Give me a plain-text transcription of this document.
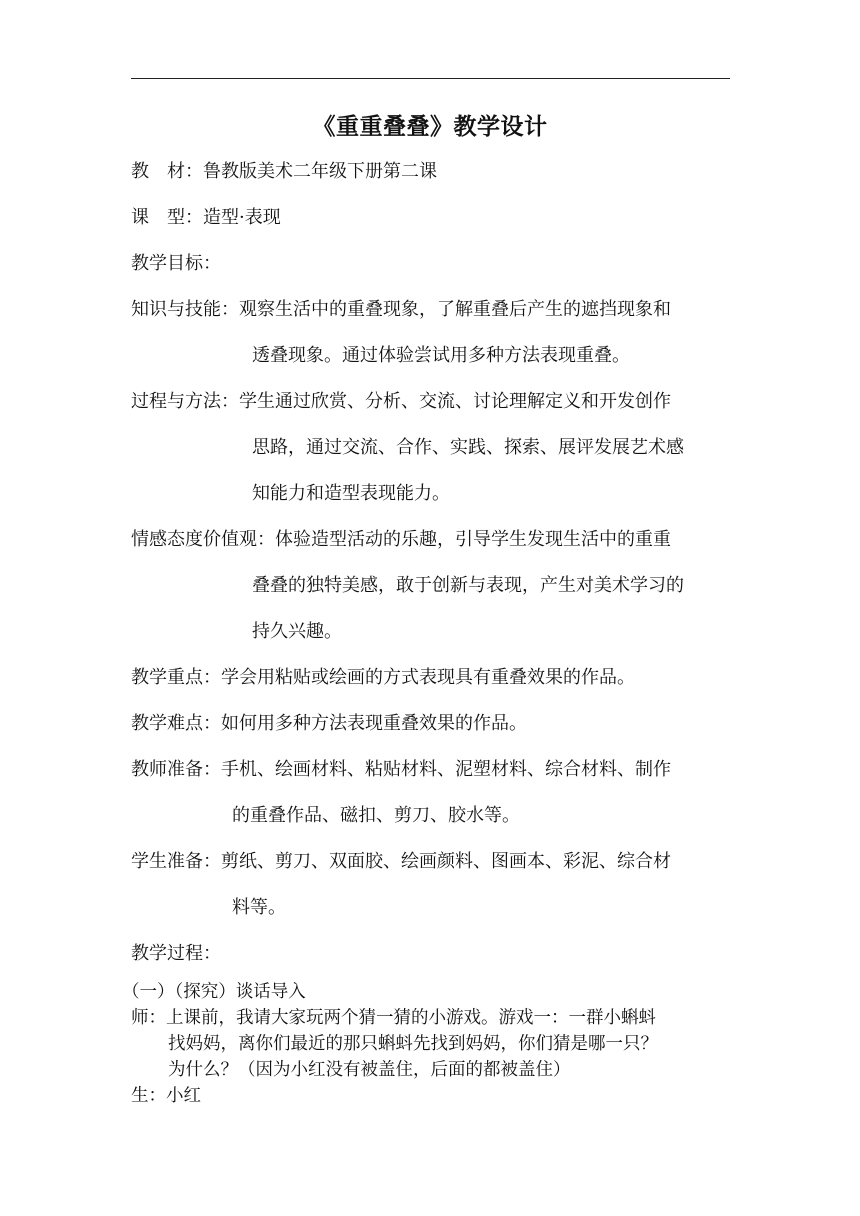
《重重叠叠》教学设计
教　材：鲁教版美术二年级下册第二课
课　型：造型·表现
教学目标：
知识与技能：观察生活中的重叠现象，了解重叠后产生的遮挡现象和
透叠现象。通过体验尝试用多种方法表现重叠。
过程与方法：学生通过欣赏、分析、交流、讨论理解定义和开发创作
思路，通过交流、合作、实践、探索、展评发展艺术感
知能力和造型表现能力。
情感态度价值观：体验造型活动的乐趣，引导学生发现生活中的重重
叠叠的独特美感，敢于创新与表现，产生对美术学习的
持久兴趣。
教学重点：学会用粘贴或绘画的方式表现具有重叠效果的作品。
教学难点：如何用多种方法表现重叠效果的作品。
教师准备：手机、绘画材料、粘贴材料、泥塑材料、综合材料、制作
的重叠作品、磁扣、剪刀、胶水等。
学生准备：剪纸、剪刀、双面胶、绘画颜料、图画本、彩泥、综合材
料等。
教学过程：
（一）（探究）谈话导入
师：上课前，我请大家玩两个猜一猜的小游戏。游戏一：一群小蝌蚪
找妈妈，离你们最近的那只蝌蚪先找到妈妈，你们猜是哪一只？
为什么？（因为小红没有被盖住，后面的都被盖住）
生：小红
